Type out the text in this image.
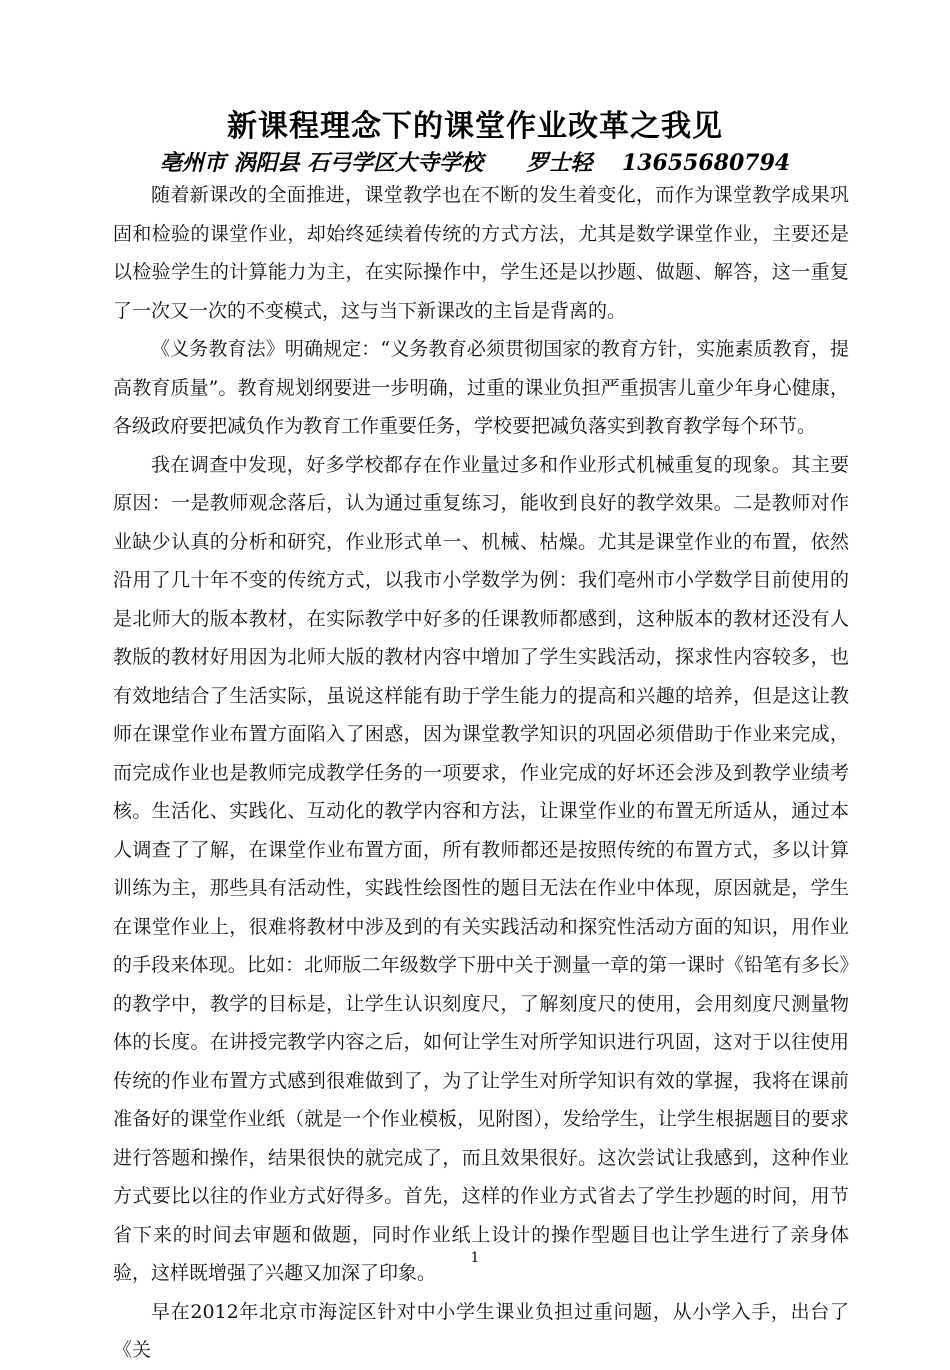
新课程理念下的课堂作业改革之我见
亳州市 涡阳县 石弓学区大寺学校 罗士轻 13655680794

随着新课改的全面推进，课堂教学也在不断的发生着变化，而作为课堂教学成果巩固和检验的课堂作业，却始终延续着传统的方式方法，尤其是数学课堂作业，主要还是以检验学生的计算能力为主，在实际操作中，学生还是以抄题、做题、解答，这一重复了一次又一次的不变模式，这与当下新课改的主旨是背离的。

《义务教育法》明确规定：“义务教育必须贯彻国家的教育方针，实施素质教育，提高教育质量”。教育规划纲要进一步明确，过重的课业负担严重损害儿童少年身心健康，各级政府要把减负作为教育工作重要任务，学校要把减负落实到教育教学每个环节。

我在调查中发现，好多学校都存在作业量过多和作业形式机械重复的现象。其主要原因：一是教师观念落后，认为通过重复练习，能收到良好的教学效果。二是教师对作业缺少认真的分析和研究，作业形式单一、机械、枯燥。尤其是课堂作业的布置，依然沿用了几十年不变的传统方式，以我市小学数学为例：我们亳州市小学数学目前使用的是北师大的版本教材，在实际教学中好多的任课教师都感到，这种版本的教材还没有人教版的教材好用因为北师大版的教材内容中增加了学生实践活动，探求性内容较多，也有效地结合了生活实际，虽说这样能有助于学生能力的提高和兴趣的培养，但是这让教师在课堂作业布置方面陷入了困惑，因为课堂教学知识的巩固必须借助于作业来完成，而完成作业也是教师完成教学任务的一项要求，作业完成的好坏还会涉及到教学业绩考核。生活化、实践化、互动化的教学内容和方法，让课堂作业的布置无所适从，通过本人调查了了解，在课堂作业布置方面，所有教师都还是按照传统的布置方式，多以计算训练为主，那些具有活动性，实践性绘图性的题目无法在作业中体现，原因就是，学生在课堂作业上，很难将教材中涉及到的有关实践活动和探究性活动方面的知识，用作业的手段来体现。比如：北师版二年级数学下册中关于测量一章的第一课时《铅笔有多长》的教学中，教学的目标是，让学生认识刻度尺，了解刻度尺的使用，会用刻度尺测量物体的长度。在讲授完教学内容之后，如何让学生对所学知识进行巩固，这对于以往使用传统的作业布置方式感到很难做到了，为了让学生对所学知识有效的掌握，我将在课前准备好的课堂作业纸（就是一个作业模板，见附图），发给学生，让学生根据题目的要求进行答题和操作，结果很快的就完成了，而且效果很好。这次尝试让我感到，这种作业方式要比以往的作业方式好得多。首先，这样的作业方式省去了学生抄题的时间，用节省下来的时间去审题和做题，同时作业纸上设计的操作型题目也让学生进行了亲身体验，这样既增强了兴趣又加深了印象。

早在2012年北京市海淀区针对中小学生课业负担过重问题，从小学入手，出台了《关

1
